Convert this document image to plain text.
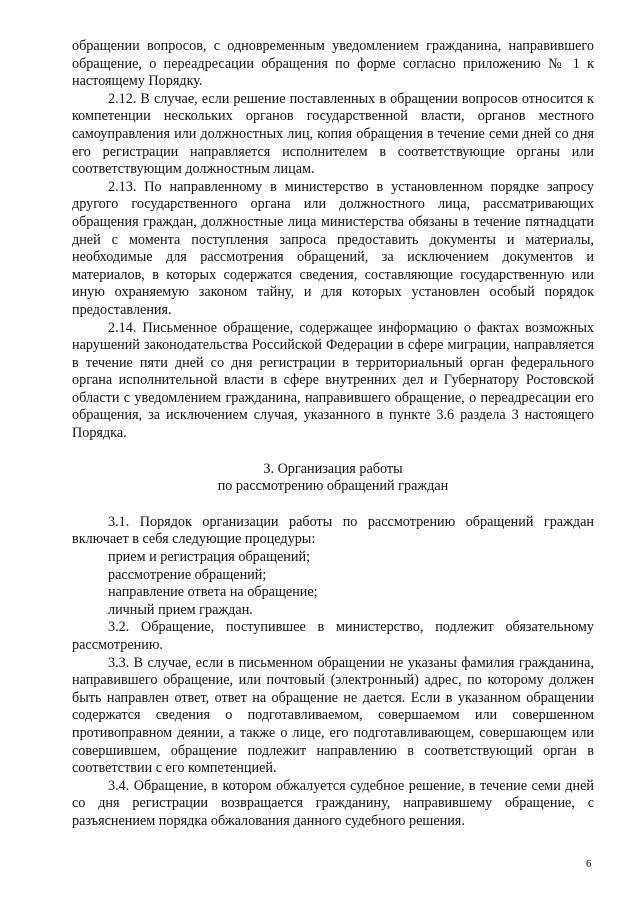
обращении вопросов, с одновременным уведомлением гражданина, направившего обращение, о переадресации обращения по форме согласно приложению № 1 к настоящему Порядку.

2.12. В случае, если решение поставленных в обращении вопросов относится к компетенции нескольких органов государственной власти, органов местного самоуправления или должностных лиц, копия обращения в течение семи дней со дня его регистрации направляется исполнителем в соответствующие органы или соответствующим должностным лицам.

2.13. По направленному в министерство в установленном порядке запросу другого государственного органа или должностного лица, рассматривающих обращения граждан, должностные лица министерства обязаны в течение пятнадцати дней с момента поступления запроса предоставить документы и материалы, необходимые для рассмотрения обращений, за исключением документов и материалов, в которых содержатся сведения, составляющие государственную или иную охраняемую законом тайну, и для которых установлен особый порядок предоставления.

2.14. Письменное обращение, содержащее информацию о фактах возможных нарушений законодательства Российской Федерации в сфере миграции, направляется в течение пяти дней со дня регистрации в территориальный орган федерального органа исполнительной власти в сфере внутренних дел и Губернатору Ростовской области с уведомлением гражданина, направившего обращение, о переадресации его обращения, за исключением случая, указанного в пункте 3.6 раздела 3 настоящего Порядка.

3. Организация работы
по рассмотрению обращений граждан

3.1. Порядок организации работы по рассмотрению обращений граждан включает в себя следующие процедуры:

прием и регистрация обращений;

рассмотрение обращений;

направление ответа на обращение;

личный прием граждан.

3.2. Обращение, поступившее в министерство, подлежит обязательному рассмотрению.

3.3. В случае, если в письменном обращении не указаны фамилия гражданина, направившего обращение, или почтовый (электронный) адрес, по которому должен быть направлен ответ, ответ на обращение не дается. Если в указанном обращении содержатся сведения о подготавливаемом, совершаемом или совершенном противоправном деянии, а также о лице, его подготавливающем, совершающем или совершившем, обращение подлежит направлению в соответствующий орган в соответствии с его компетенцией.

3.4. Обращение, в котором обжалуется судебное решение, в течение семи дней со дня регистрации возвращается гражданину, направившему обращение, с разъяснением порядка обжалования данного судебного решения.

6
